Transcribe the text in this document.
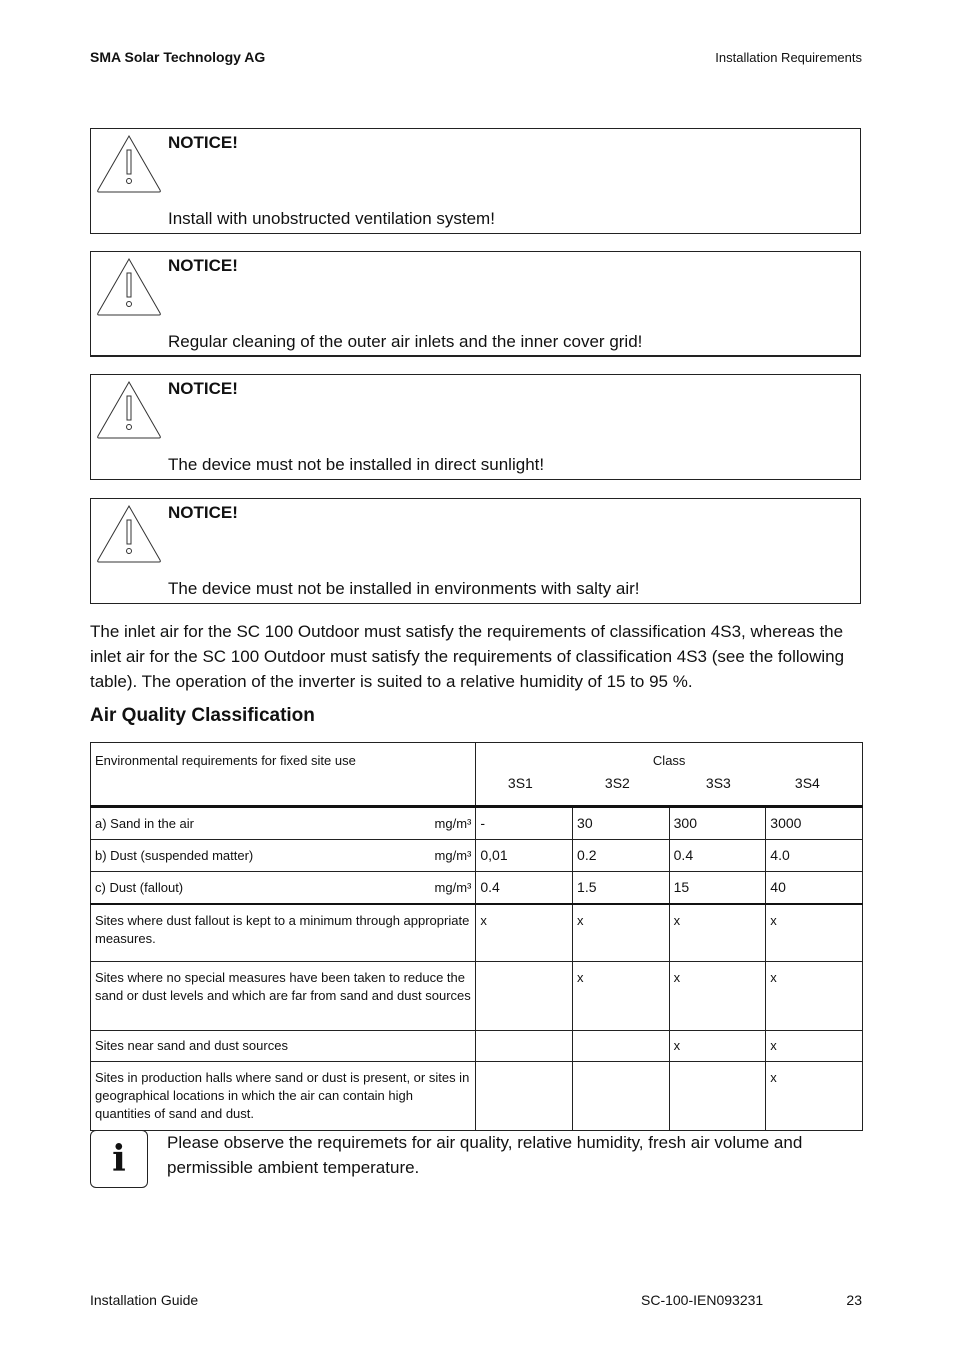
SMA Solar Technology AG	Installation Requirements
NOTICE!
Install with unobstructed ventilation system!
NOTICE!
Regular cleaning of the outer air inlets and the inner cover grid!
NOTICE!
The device must not be installed in direct sunlight!
NOTICE!
The device must not be installed in environments with salty air!
The inlet air for the SC 100 Outdoor must satisfy the requirements of classification 4S3, whereas the inlet air for the SC 100 Outdoor must satisfy the requirements of classification 4S3 (see the following table). The operation of the inverter is suited to a relative humidity of 15 to 95 %.
Air Quality Classification
Environmental requirements for fixed site use	Class
3S1 3S2 3S3 3S4			

a) Sand in the air mg/m³	-	30	300	3000
b) Dust (suspended matter) mg/m³	0,01	0.2	0.4	4.0
c) Dust (fallout) mg/m³	0.4	1.5	15	40
Sites where dust fallout is kept to a minimum through appropriate measures.	x	x	x	x
Sites where no special measures have been taken to reduce the sand or dust levels and which are far from sand and dust sources		x	x	x
Sites near sand and dust sources			x	x
Sites in production halls where sand or dust is present, or sites in geographical locations in which the air can contain high quantities of sand and dust.				x
i	Please observe the requiremets for air quality, relative humidity, fresh air volume and permissible ambient temperature.
Installation Guide	SC-100-IEN093231	23
